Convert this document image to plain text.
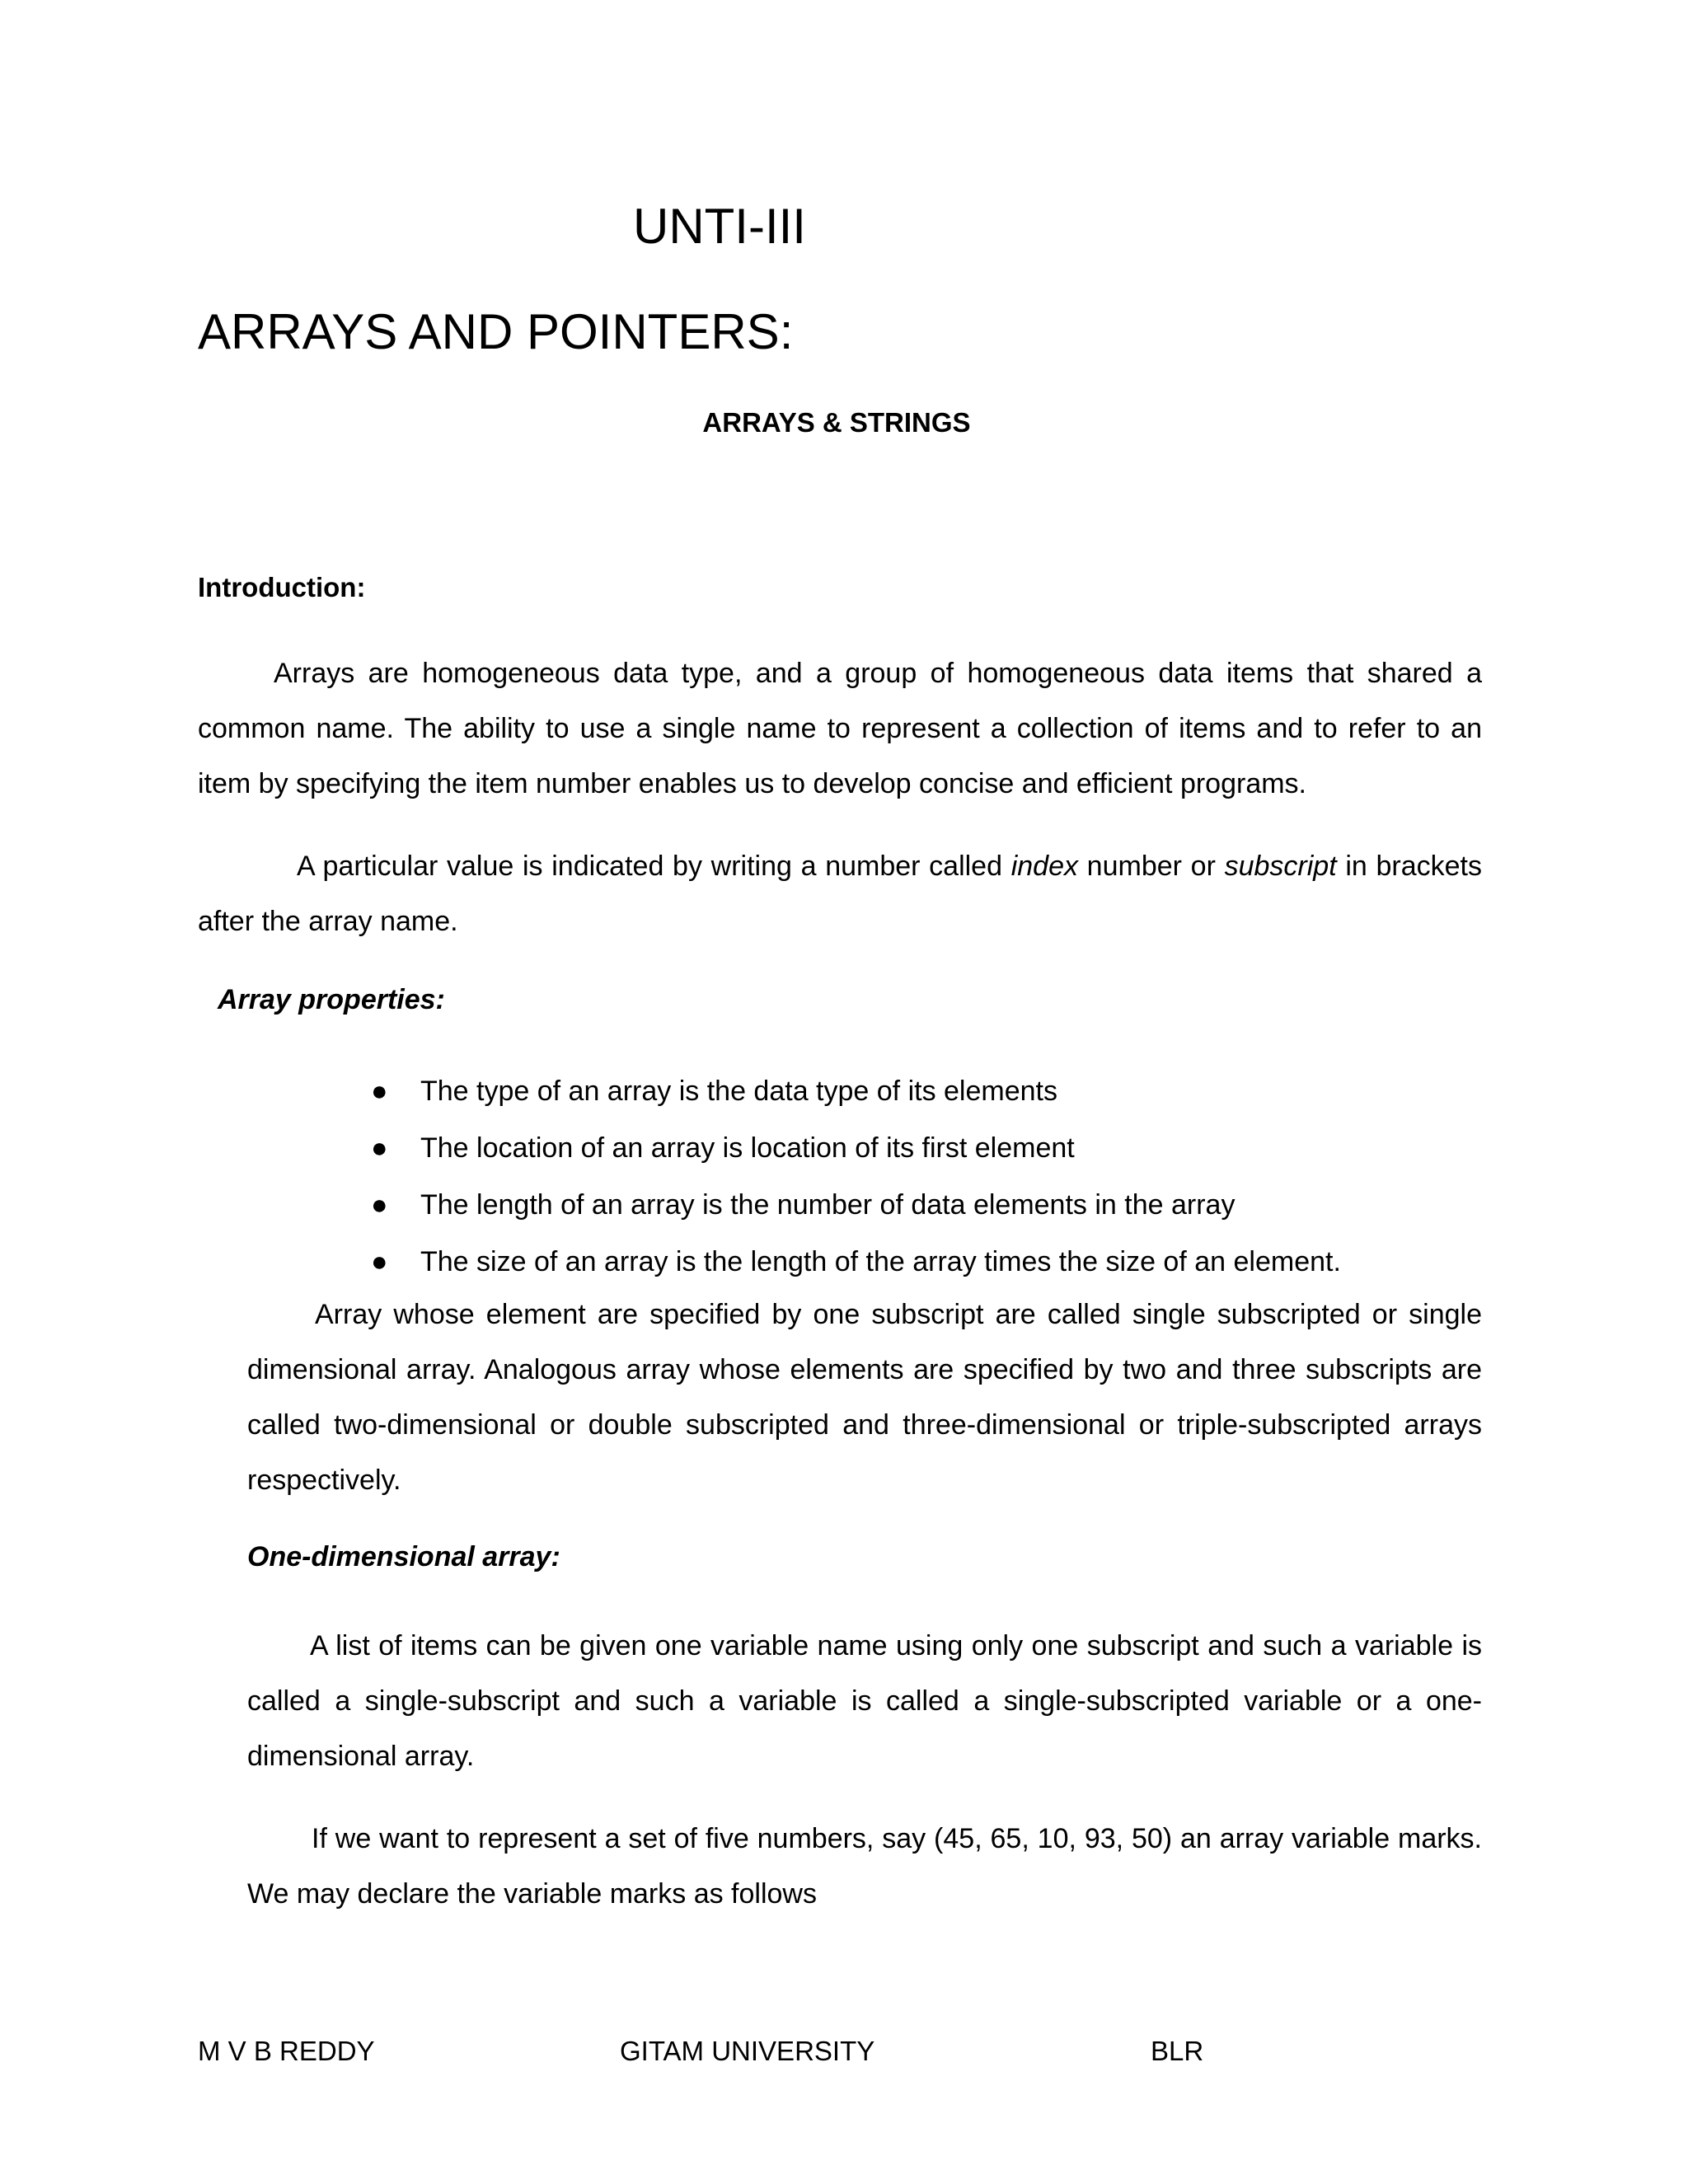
UNTI-III
ARRAYS AND POINTERS:
ARRAYS & STRINGS
Introduction:

Arrays are homogeneous data type, and a group of homogeneous data items that shared a common name. The ability to use a single name to represent a collection of items and to refer to an item by specifying the item number enables us to develop concise and efficient programs.

A particular value is indicated by writing a number called index number or subscript in brackets after the array name.

Array properties:
● The type of an array is the data type of its elements
● The location of an array is location of its first element
● The length of an array is the number of data elements in the array
● The size of an array is the length of the array times the size of an element.

Array whose element are specified by one subscript are called single subscripted or single dimensional array. Analogous array whose elements are specified by two and three subscripts are called two-dimensional or double subscripted and three-dimensional or triple-subscripted arrays respectively.

One-dimensional array:

A list of items can be given one variable name using only one subscript and such a variable is called a single-subscript and such a variable is called a single-subscripted variable or a one-dimensional array.

If we want to represent a set of five numbers, say (45, 65, 10, 93, 50) an array variable marks. We may declare the variable marks as follows

M V B REDDY	GITAM UNIVERSITY	BLR
